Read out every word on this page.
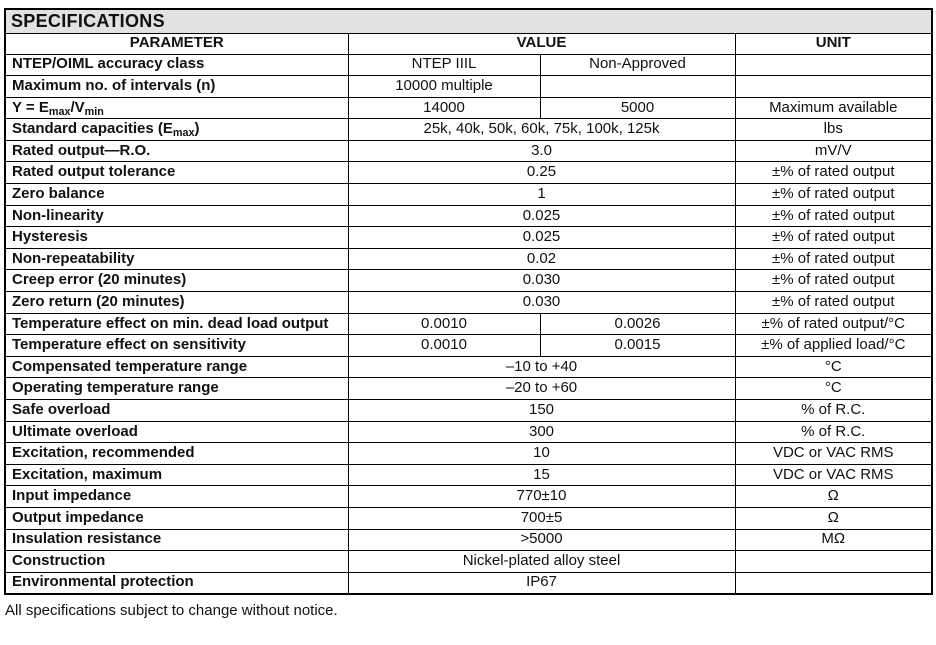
SPECIFICATIONS			
PARAMETER	VALUE		UNIT
NTEP/OIML accuracy class	NTEP IIIL	Non-Approved	
Maximum no. of intervals (n)	10000 multiple		
$Y = E_{max}/V_{min}$	14000	5000	Maximum available
Standard capacities $(E_{max})$	25k, 40k, 50k, 60k, 75k, 100k, 125k		lbs
Rated output—R.O.	3.0		mV/V
Rated output tolerance	0.25		±% of rated output
Zero balance	1		±% of rated output
Non-linearity	0.025		±% of rated output
Hysteresis	0.025		±% of rated output
Non-repeatability	0.02		±% of rated output
Creep error (20 minutes)	0.030		±% of rated output
Zero return (20 minutes)	0.030		±% of rated output
Temperature effect on min. dead load output	0.0010	0.0026	±% of rated output/°C
Temperature effect on sensitivity	0.0010	0.0015	±% of applied load/°C
Compensated temperature range	–10 to +40		°C
Operating temperature range	–20 to +60		°C
Safe overload	150		% of R.C.
Ultimate overload	300		% of R.C.
Excitation, recommended	10		VDC or VAC RMS
Excitation, maximum	15		VDC or VAC RMS
Input impedance	770±10		Ω
Output impedance	700±5		Ω
Insulation resistance	>5000		MΩ
Construction	Nickel-plated alloy steel		
Environmental protection	IP67		
All specifications subject to change without notice.
